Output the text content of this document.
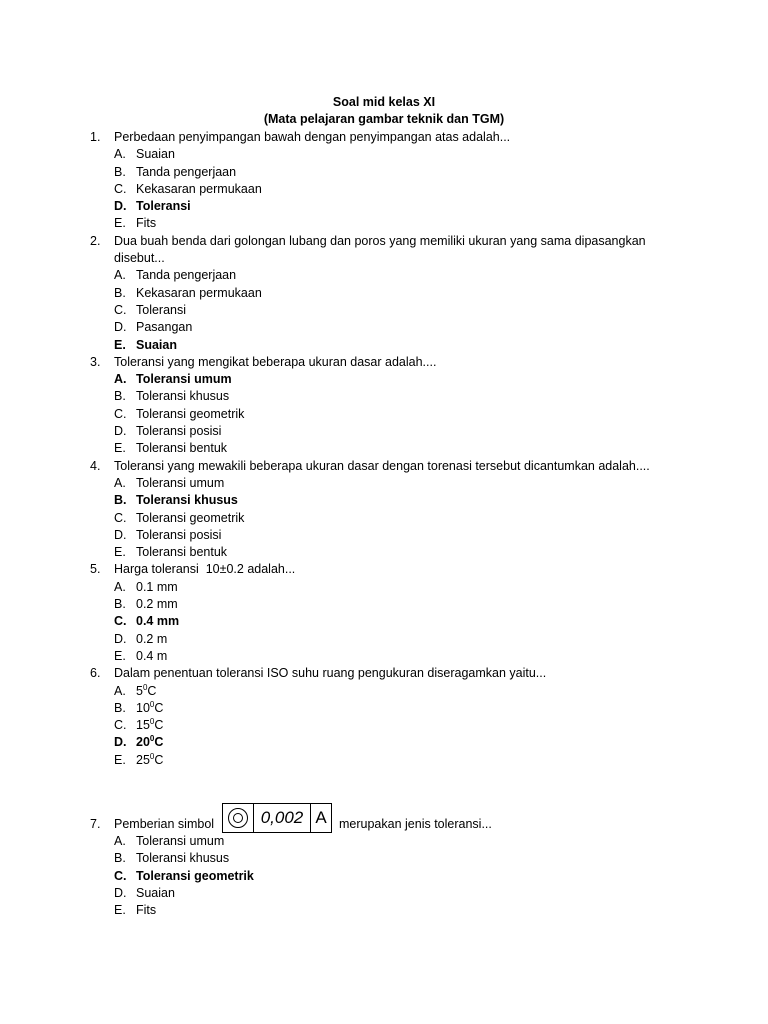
Soal mid kelas XI
(Mata pelajaran gambar teknik dan TGM)
1. Perbedaan penyimpangan bawah dengan penyimpangan atas adalah...
A. Suaian
B. Tanda pengerjaan
C. Kekasaran permukaan
D. Toleransi
E. Fits
2. Dua buah benda dari golongan lubang dan poros yang memiliki ukuran yang sama dipasangkan disebut...
A. Tanda pengerjaan
B. Kekasaran permukaan
C. Toleransi
D. Pasangan
E. Suaian
3. Toleransi yang mengikat beberapa ukuran dasar adalah....
A. Toleransi umum
B. Toleransi khusus
C. Toleransi geometrik
D. Toleransi posisi
E. Toleransi bentuk
4. Toleransi yang mewakili beberapa ukuran dasar dengan torenasi tersebut dicantumkan adalah....
A. Toleransi umum
B. Toleransi khusus
C. Toleransi geometrik
D. Toleransi posisi
E. Toleransi bentuk
5. Harga toleransi  10±0.2 adalah...
A. 0.1 mm
B. 0.2 mm
C. 0.4 mm
D. 0.2 m
E. 0.4 m
6. Dalam penentuan toleransi ISO suhu ruang pengukuran diseragamkan yaitu...
A. $5^0C$
B. $10^0C$
C. $15^0C$
D. $20^0C$
E. $25^0C$
7. Pemberian simbol	0,002 A merupakan jenis toleransi...
A. Toleransi umum
B. Toleransi khusus
C. Toleransi geometrik
D. Suaian
E. Fits
